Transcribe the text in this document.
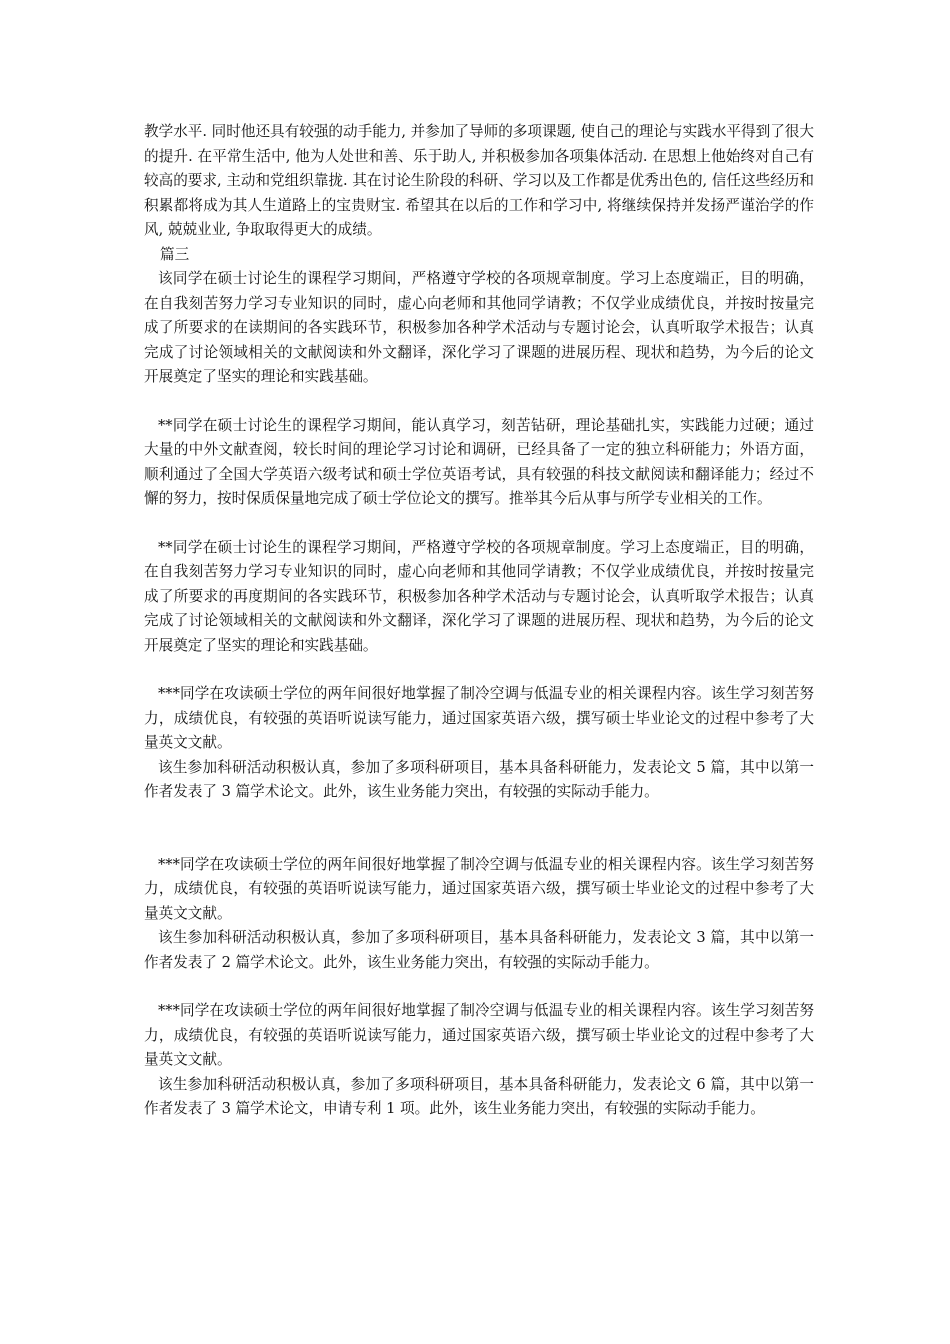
教学水平. 同时他还具有较强的动手能力, 并参加了导师的多项课题, 使自己的理论与实践水平得到了很大的提升. 在平常生活中, 他为人处世和善、乐于助人, 并积极参加各项集体活动. 在思想上他始终对自己有较高的要求, 主动和党组织靠拢. 其在讨论生阶段的科研、学习以及工作都是优秀出色的, 信任这些经历和积累都将成为其人生道路上的宝贵财宝. 希望其在以后的工作和学习中, 将继续保持并发扬严谨治学的作风, 兢兢业业, 争取取得更大的成绩。

篇三

该同学在硕士讨论生的课程学习期间，严格遵守学校的各项规章制度。学习上态度端正，目的明确，在自我刻苦努力学习专业知识的同时，虚心向老师和其他同学请教；不仅学业成绩优良，并按时按量完成了所要求的在读期间的各实践环节，积极参加各种学术活动与专题讨论会，认真听取学术报告；认真完成了讨论领域相关的文献阅读和外文翻译，深化学习了课题的进展历程、现状和趋势，为今后的论文开展奠定了坚实的理论和实践基础。

**同学在硕士讨论生的课程学习期间，能认真学习，刻苦钻研，理论基础扎实，实践能力过硬；通过大量的中外文献查阅，较长时间的理论学习讨论和调研，已经具备了一定的独立科研能力；外语方面，顺利通过了全国大学英语六级考试和硕士学位英语考试，具有较强的科技文献阅读和翻译能力；经过不懈的努力，按时保质保量地完成了硕士学位论文的撰写。推举其今后从事与所学专业相关的工作。

**同学在硕士讨论生的课程学习期间，严格遵守学校的各项规章制度。学习上态度端正，目的明确，在自我刻苦努力学习专业知识的同时，虚心向老师和其他同学请教；不仅学业成绩优良，并按时按量完成了所要求的再度期间的各实践环节，积极参加各种学术活动与专题讨论会，认真听取学术报告；认真完成了讨论领域相关的文献阅读和外文翻译，深化学习了课题的进展历程、现状和趋势，为今后的论文开展奠定了坚实的理论和实践基础。

***同学在攻读硕士学位的两年间很好地掌握了制冷空调与低温专业的相关课程内容。该生学习刻苦努力，成绩优良，有较强的英语听说读写能力，通过国家英语六级，撰写硕士毕业论文的过程中参考了大量英文文献。

该生参加科研活动积极认真，参加了多项科研项目，基本具备科研能力，发表论文 5 篇，其中以第一作者发表了 3 篇学术论文。此外，该生业务能力突出，有较强的实际动手能力。

***同学在攻读硕士学位的两年间很好地掌握了制冷空调与低温专业的相关课程内容。该生学习刻苦努力，成绩优良，有较强的英语听说读写能力，通过国家英语六级，撰写硕士毕业论文的过程中参考了大量英文文献。

该生参加科研活动积极认真，参加了多项科研项目，基本具备科研能力，发表论文 3 篇，其中以第一作者发表了 2 篇学术论文。此外，该生业务能力突出，有较强的实际动手能力。

***同学在攻读硕士学位的两年间很好地掌握了制冷空调与低温专业的相关课程内容。该生学习刻苦努力，成绩优良，有较强的英语听说读写能力，通过国家英语六级，撰写硕士毕业论文的过程中参考了大量英文文献。

该生参加科研活动积极认真，参加了多项科研项目，基本具备科研能力，发表论文 6 篇，其中以第一作者发表了 3 篇学术论文，申请专利 1 项。此外，该生业务能力突出，有较强的实际动手能力。
